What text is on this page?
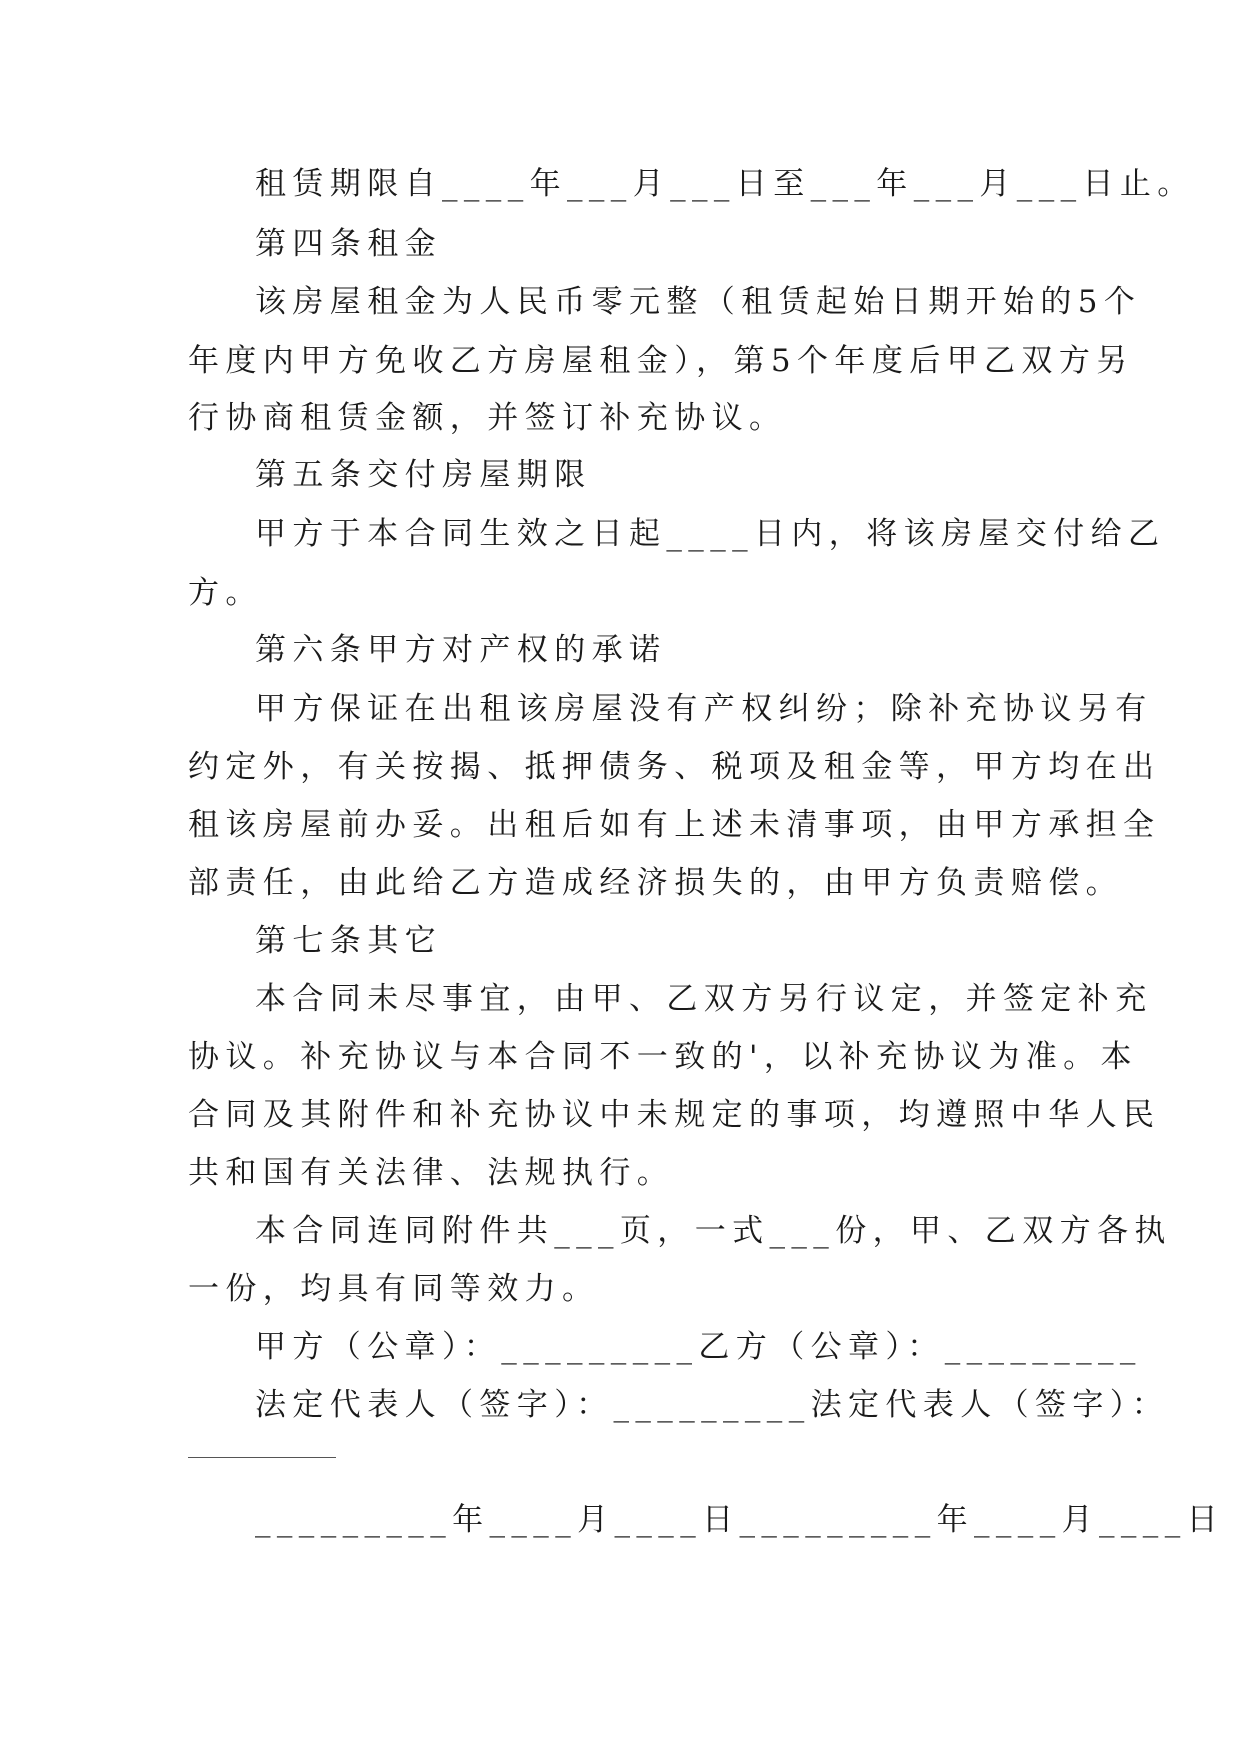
租赁期限自____年___月___日至___年___月___日止。
第四条租金
该房屋租金为人民币零元整（租赁起始日期开始的5个
年度内甲方免收乙方房屋租金），第5个年度后甲乙双方另
行协商租赁金额，并签订补充协议。
第五条交付房屋期限
甲方于本合同生效之日起____日内，将该房屋交付给乙
方。
第六条甲方对产权的承诺
甲方保证在出租该房屋没有产权纠纷；除补充协议另有
约定外，有关按揭、抵押债务、税项及租金等，甲方均在出
租该房屋前办妥。出租后如有上述未清事项，由甲方承担全
部责任，由此给乙方造成经济损失的，由甲方负责赔偿。
第七条其它
本合同未尽事宜，由甲、乙双方另行议定，并签定补充
协议。补充协议与本合同不一致的'，以补充协议为准。本
合同及其附件和补充协议中未规定的事项，均遵照中华人民
共和国有关法律、法规执行。
本合同连同附件共___页，一式___份，甲、乙双方各执
一份，均具有同等效力。
甲方（公章）：_________乙方（公章）：_________
法定代表人（签字）：_________法定代表人（签字）：
_________年____月____日_________年____月____日
